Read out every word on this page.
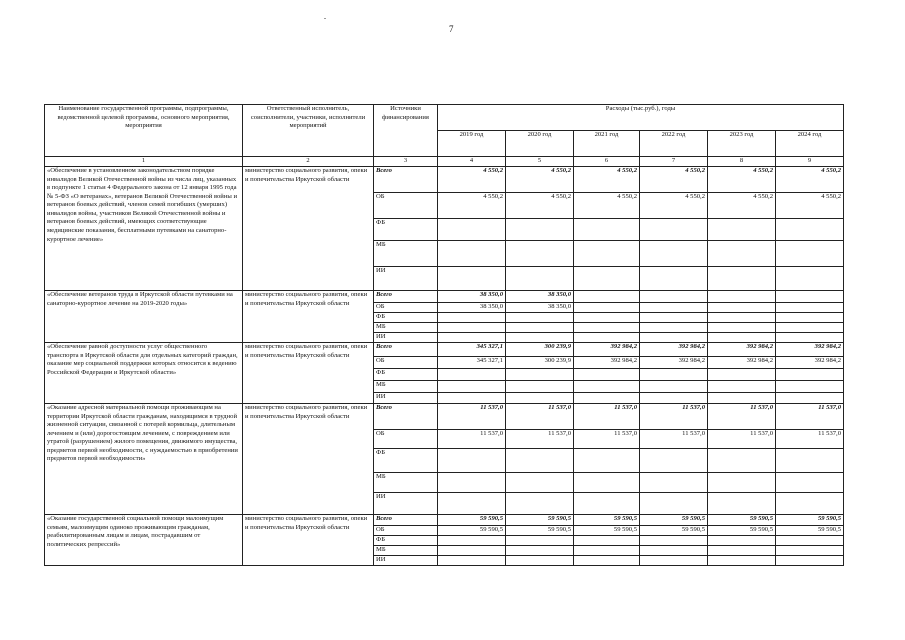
7
Наименование государственной программы, подпрограммы, ведомственной целевой программы, основного мероприятия, мероприятия	Ответственный исполнитель, соисполнители, участники, исполнители мероприятий	Источники финансирования	Расходы (тыс.руб.), годы					
			2019 год	2020 год	2021 год	2022 год	2023 год	2024 год
1	2	3	4	5	6	7	8	9
«Обеспечение в установленном законодательством порядке инвалидов Великой Отечественной войны из числа лиц, указанных в подпункте 1 статьи 4 Федерального закона от 12 января 1995 года № 5-ФЗ «О ветеранах», ветеранов Великой Отечественной войны и ветеранов боевых действий, членов семей погибших (умерших) инвалидов войны, участников Великой Отечественной войны и ветеранов боевых действий, имеющих соответствующие медицинские показания, бесплатными путевками на санаторно-курортное лечение»	министерство социального развития, опеки и попечительства Иркутской области	Всего	4 550,2	4 550,2	4 550,2	4 550,2	4 550,2	4 550,2
		ОБ	4 550,2	4 550,2	4 550,2	4 550,2	4 550,2	4 550,2
		ФБ						
		МБ						
		ИИ						
«Обеспечение ветеранов труда в Иркутской области путевками на санаторно-курортное лечение на 2019-2020 годы»	министерство социального развития, опеки и попечительства Иркутской области	Всего	38 350,0	38 350,0				
		ОБ	38 350,0	38 350,0				
		ФБ						
		МБ						
		ИИ						
«Обеспечение равной доступности услуг общественного транспорта в Иркутской области для отдельных категорий граждан, оказание мер социальной поддержки которых относится к ведению Российской Федерации и Иркутской области»	министерство социального развития, опеки и попечительства Иркутской области	Всего	345 327,1	300 239,9	392 984,2	392 984,2	392 984,2	392 984,2
		ОБ	345 327,1	300 239,9	392 984,2	392 984,2	392 984,2	392 984,2
		ФБ						
		МБ						
		ИИ						
«Оказание адресной материальной помощи проживающим на территории Иркутской области гражданам, находящимся в трудной жизненной ситуации, связанной с потерей кормильца, длительным лечением и (или) дорогостоящим лечением, с повреждением или утратой (разрушением) жилого помещения, движимого имущества, предметов первой необходимости, с нуждаемостью в приобретении предметов первой необходимости»	министерство социального развития, опеки и попечительства Иркутской области	Всего	11 537,0	11 537,0	11 537,0	11 537,0	11 537,0	11 537,0
		ОБ	11 537,0	11 537,0	11 537,0	11 537,0	11 537,0	11 537,0
		ФБ						
		МБ						
		ИИ						
«Оказание государственной социальной помощи малоимущим семьям, малоимущим одиноко проживающим гражданам, реабилитированным лицам и лицам, пострадавшим от политических репрессий»	министерство социального развития, опеки и попечительства Иркутской области	Всего	59 590,5	59 590,5	59 590,5	59 590,5	59 590,5	59 590,5
		ОБ	59 590,5	59 590,5	59 590,5	59 590,5	59 590,5	59 590,5
		ФБ						
		МБ						
		ИИ						
